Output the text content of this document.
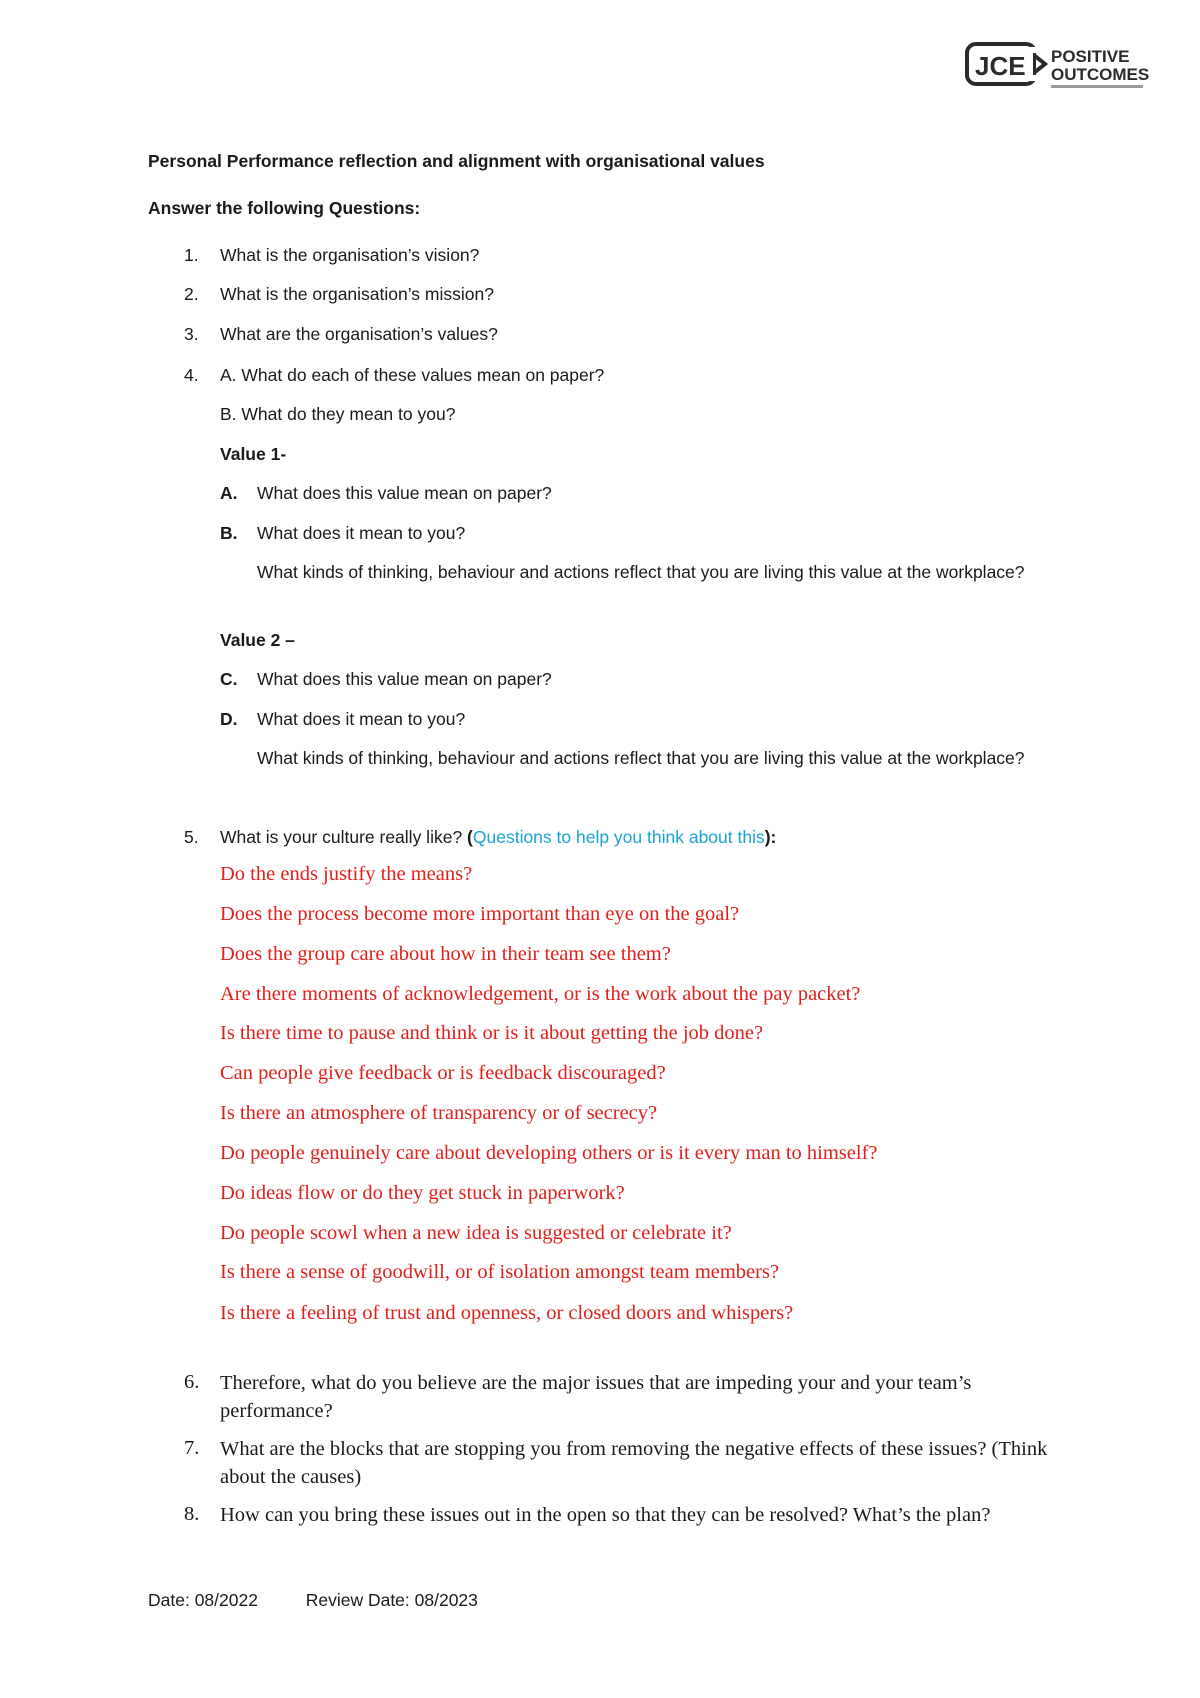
JCE POSITIVE
OUTCOMES
Personal Performance reflection and alignment with organisational values
Answer the following Questions:
1.	What is the organisation’s vision?
2.	What is the organisation’s mission?
3.	What are the organisation’s values?
4.	A. What do each of these values mean on paper?
B. What do they mean to you?
Value 1-
A. What does this value mean on paper?
B. What does it mean to you?
What kinds of thinking, behaviour and actions reflect that you are living this value at the workplace?
Value 2 –
C. What does this value mean on paper?
D. What does it mean to you?
What kinds of thinking, behaviour and actions reflect that you are living this value at the workplace?
5.	What is your culture really like? (Questions to help you think about this):
Do the ends justify the means?
Does the process become more important than eye on the goal?
Does the group care about how in their team see them?
Are there moments of acknowledgement, or is the work about the pay packet?
Is there time to pause and think or is it about getting the job done?
Can people give feedback or is feedback discouraged?
Is there an atmosphere of transparency or of secrecy?
Do people genuinely care about developing others or is it every man to himself?
Do ideas flow or do they get stuck in paperwork?
Do people scowl when a new idea is suggested or celebrate it?
Is there a sense of goodwill, or of isolation amongst team members?
Is there a feeling of trust and openness, or closed doors and whispers?
6.	Therefore, what do you believe are the major issues that are impeding your and your team’s performance?
7.	What are the blocks that are stopping you from removing the negative effects of these issues? (Think about the causes)
8.	How can you bring these issues out in the open so that they can be resolved? What’s the plan?
Date: 08/2022	Review Date: 08/2023
